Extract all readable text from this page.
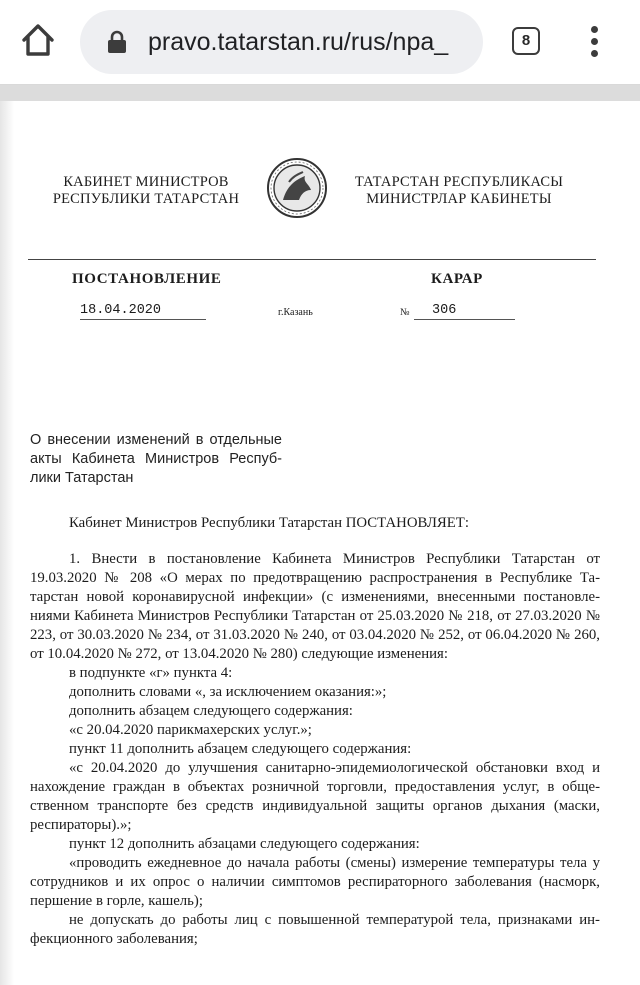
pravo.tatarstan.ru/rus/npa_	8
КАБИНЕТ МИНИСТРОВ
РЕСПУБЛИКИ ТАТАРСТАН
ТАТАРСТАН РЕСПУБЛИКАСЫ
МИНИСТРЛАР КАБИНЕТЫ
ПОСТАНОВЛЕНИЕ	КАРАР
18.04.2020	г.Казань	№	306
О внесении изменений в отдельные акты Кабинета Министров Респуб-лики Татарстан

Кабинет Министров Республики Татарстан ПОСТАНОВЛЯЕТ:

1. Внести в постановление Кабинета Министров Республики Татарстан от 19.03.2020 № 208 «О мерах по предотвращению распространения в Республике Та-тарстан новой коронавирусной инфекции» (с изменениями, внесенными постановле-ниями Кабинета Министров Республики Татарстан от 25.03.2020 № 218, от 27.03.2020 № 223, от 30.03.2020 № 234, от 31.03.2020 № 240, от 03.04.2020 № 252, от 06.04.2020 № 260, от 10.04.2020 № 272, от 13.04.2020 № 280) следующие изменения:

в подпункте «г» пункта 4:

дополнить словами «, за исключением оказания:»;

дополнить абзацем следующего содержания:

«с 20.04.2020 парикмахерских услуг.»;

пункт 11 дополнить абзацем следующего содержания:

«с 20.04.2020 до улучшения санитарно-эпидемиологической обстановки вход и нахождение граждан в объектах розничной торговли, предоставления услуг, в обще-ственном транспорте без средств индивидуальной защиты органов дыхания (маски, респираторы).»;

пункт 12 дополнить абзацами следующего содержания:

«проводить ежедневное до начала работы (смены) измерение температуры тела у сотрудников и их опрос о наличии симптомов респираторного заболевания (насморк, першение в горле, кашель);

не допускать до работы лиц с повышенной температурой тела, признаками ин-фекционного заболевания;
